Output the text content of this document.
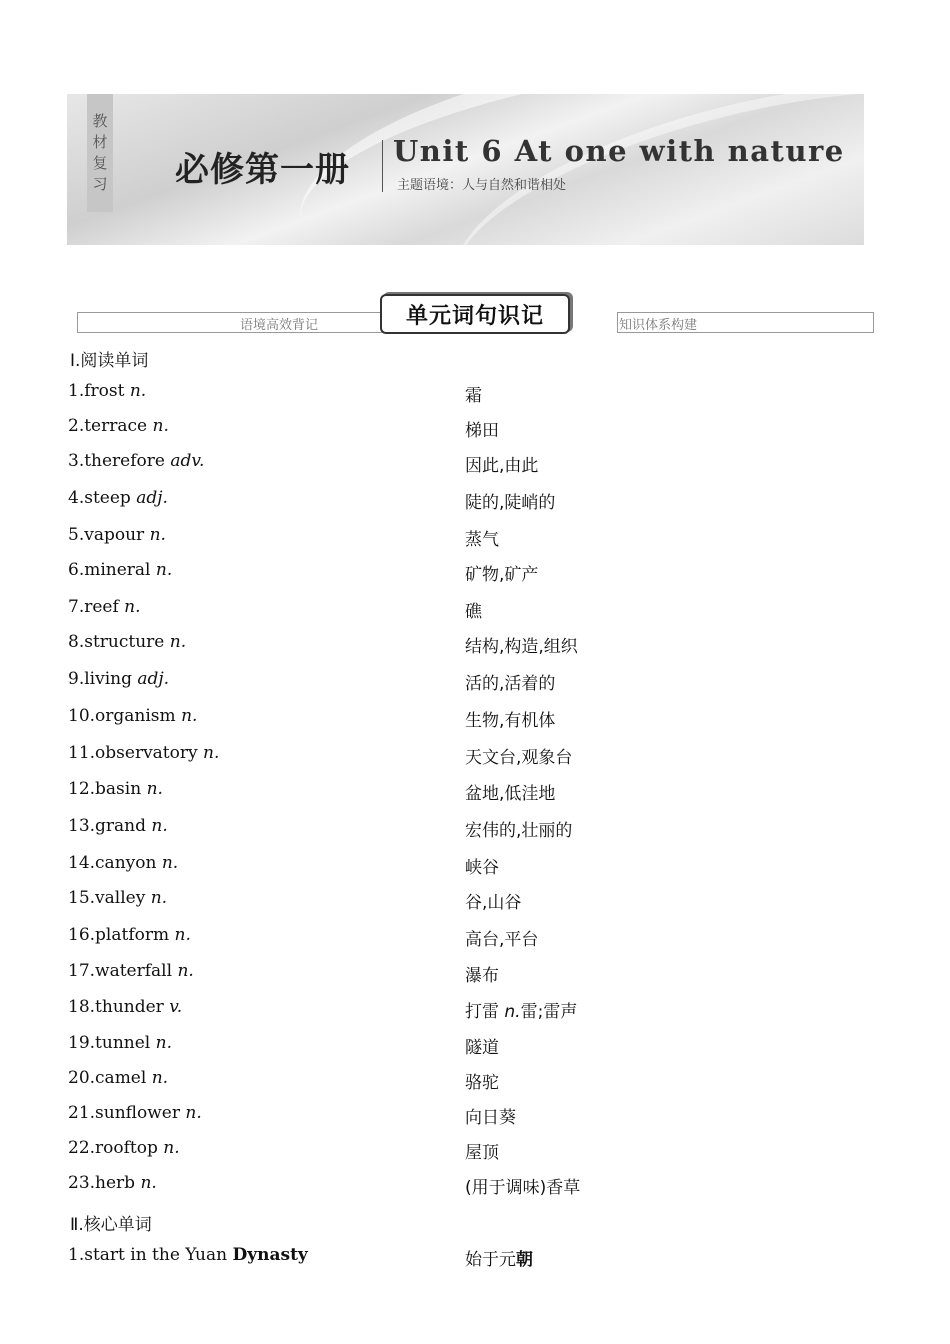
教
材
复
习 必修第一册 Unit 6 At one with nature
主题语境：人与自然和谐相处
语境高效背记	知识体系构建
单元词句识记
Ⅰ.阅读单词
1.frost n.	霜
2.terrace n.	梯田
3.therefore adv.	因此,由此
4.steep adj.	陡的,陡峭的
5.vapour n.	蒸气
6.mineral n.	矿物,矿产
7.reef n.	礁
8.structure n.	结构,构造,组织
9.living adj.	活的,活着的
10.organism n.	生物,有机体
11.observatory n.	天文台,观象台
12.basin n.	盆地,低洼地
13.grand n.	宏伟的,壮丽的
14.canyon n.	峡谷
15.valley n.	谷,山谷
16.platform n.	高台,平台
17.waterfall n.	瀑布
18.thunder v.	打雷 n.雷;雷声
19.tunnel n.	隧道
20.camel n.	骆驼
21.sunflower n.	向日葵
22.rooftop n.	屋顶
23.herb n.	(用于调味)香草
Ⅱ.核心单词
1.start in the Yuan Dynasty	始于元朝
